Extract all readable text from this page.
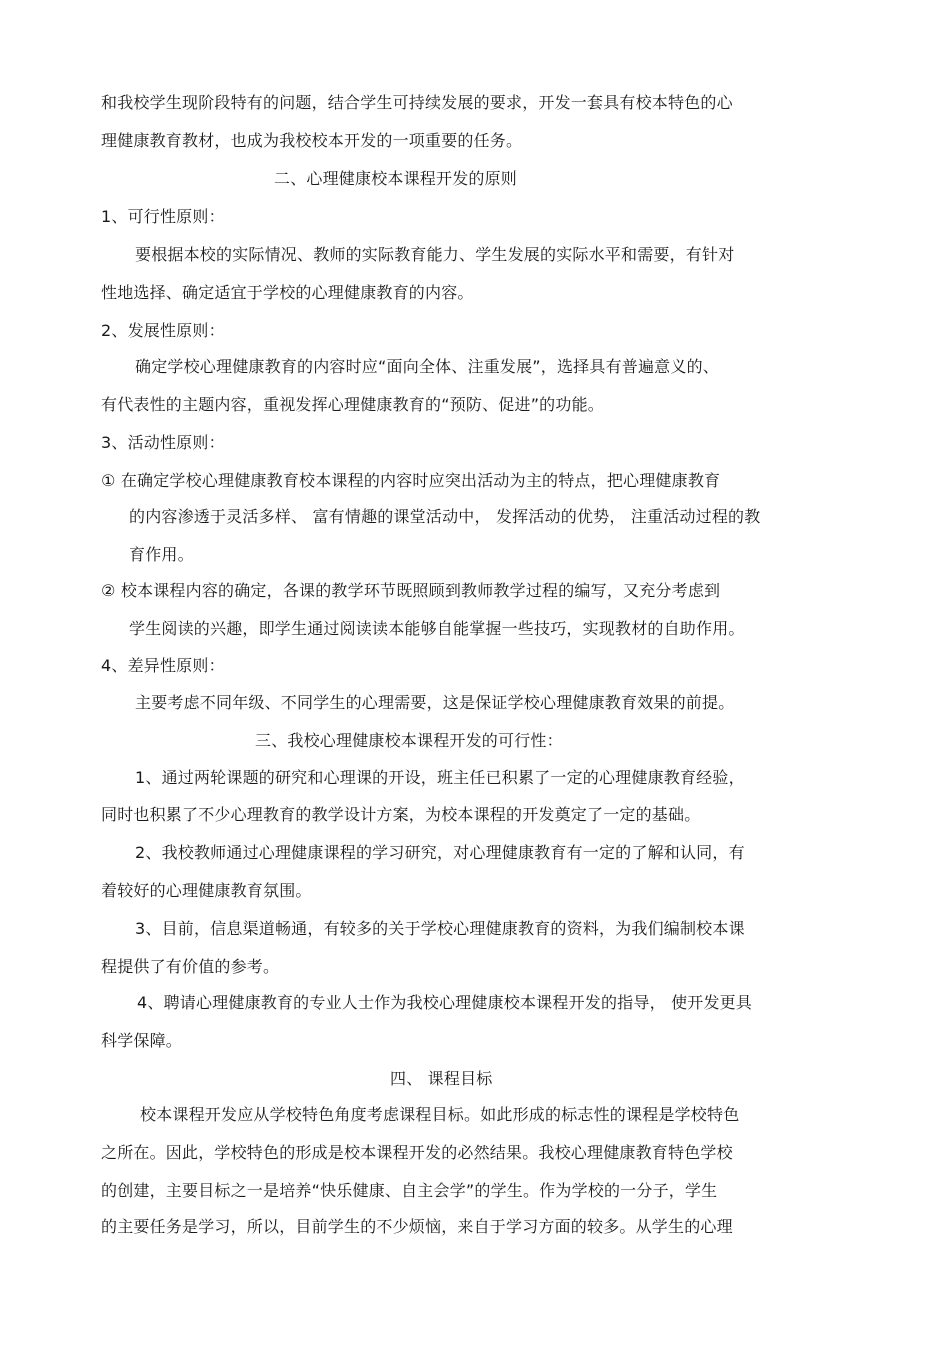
和我校学生现阶段特有的问题，结合学生可持续发展的要求，开发一套具有校本特色的心
理健康教育教材，也成为我校校本开发的一项重要的任务。
二、心理健康校本课程开发的原则
1、可行性原则：
要根据本校的实际情况、教师的实际教育能力、学生发展的实际水平和需要，有针对
性地选择、确定适宜于学校的心理健康教育的内容。
2、发展性原则：
确定学校心理健康教育的内容时应“面向全体、注重发展”，选择具有普遍意义的、
有代表性的主题内容，重视发挥心理健康教育的“预防、促进”的功能。
3、活动性原则：
① 在确定学校心理健康教育校本课程的内容时应突出活动为主的特点，把心理健康教育
的内容渗透于灵活多样、 富有情趣的课堂活动中， 发挥活动的优势， 注重活动过程的教
育作用。
② 校本课程内容的确定，各课的教学环节既照顾到教师教学过程的编写，又充分考虑到
学生阅读的兴趣，即学生通过阅读读本能够自能掌握一些技巧，实现教材的自助作用。
4、差异性原则：
主要考虑不同年级、不同学生的心理需要，这是保证学校心理健康教育效果的前提。
三、我校心理健康校本课程开发的可行性：
1、通过两轮课题的研究和心理课的开设，班主任已积累了一定的心理健康教育经验，
同时也积累了不少心理教育的教学设计方案，为校本课程的开发奠定了一定的基础。
2、我校教师通过心理健康课程的学习研究，对心理健康教育有一定的了解和认同，有
着较好的心理健康教育氛围。
3、目前，信息渠道畅通，有较多的关于学校心理健康教育的资料，为我们编制校本课
程提供了有价值的参考。
4、聘请心理健康教育的专业人士作为我校心理健康校本课程开发的指导， 使开发更具
科学保障。
四、 课程目标
校本课程开发应从学校特色角度考虑课程目标。如此形成的标志性的课程是学校特色
之所在。因此，学校特色的形成是校本课程开发的必然结果。我校心理健康教育特色学校
的创建，主要目标之一是培养“快乐健康、自主会学”的学生。作为学校的一分子，学生
的主要任务是学习，所以，目前学生的不少烦恼，来自于学习方面的较多。从学生的心理
